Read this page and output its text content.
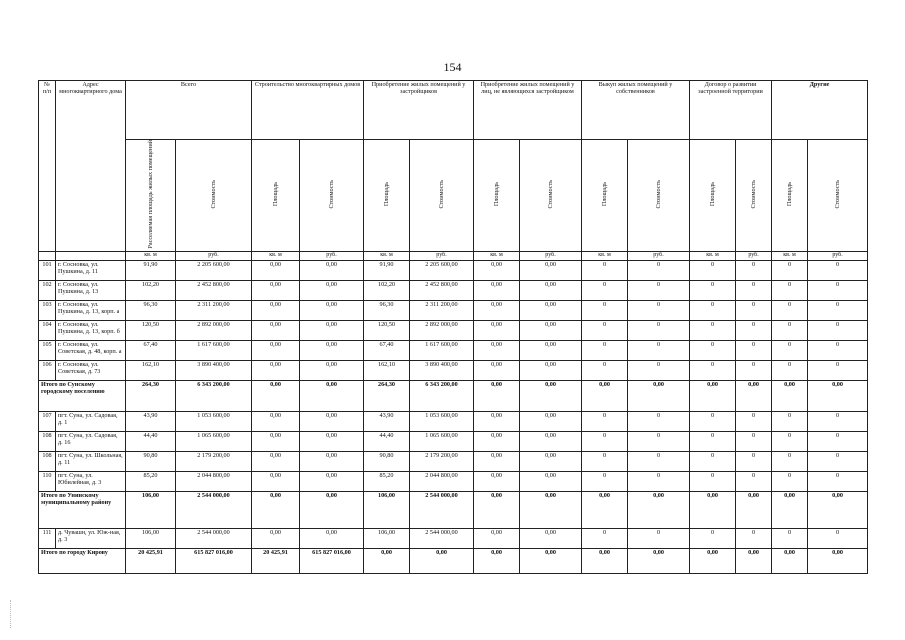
154
№ п/п	Адрес многоквартирного дома	Всего		Строительство многоквартирных домов		Приобретение жилых помещений у застройщиков		Приобретение жилых помещений у лиц, не являющихся застройщиком		Выкуп жилых помещений у собственников		Договор о развитии застроенной территории		Другие	
		Расселяемая площадь жилых помещений	Стоимость	Площадь	Стоимость	Площадь	Стоимость	Площадь	Стоимость	Площадь	Стоимость	Площадь	Стоимость	Площадь	Стоимость
		кв. м	руб.	кв. м	руб.	кв. м	руб.	кв. м	руб.	кв. м	руб.	кв. м	руб.	кв. м	руб.
101	г. Сосновка, ул. Пушкина, д. 11	91,90	2 205 600,00	0,00	0,00	91,90	2 205 600,00	0,00	0,00	0	0	0	0	0	0
102	г. Сосновка, ул. Пушкина, д. 13	102,20	2 452 800,00	0,00	0,00	102,20	2 452 800,00	0,00	0,00	0	0	0	0	0	0
103	г. Сосновка, ул. Пушкина, д. 13, корп. а	96,30	2 311 200,00	0,00	0,00	96,30	2 311 200,00	0,00	0,00	0	0	0	0	0	0
104	г. Сосновка, ул. Пушкина, д. 13, корп. б	120,50	2 892 000,00	0,00	0,00	120,50	2 892 000,00	0,00	0,00	0	0	0	0	0	0
105	г. Сосновка, ул. Советская, д. 48, корп. а	67,40	1 617 600,00	0,00	0,00	67,40	1 617 600,00	0,00	0,00	0	0	0	0	0	0
106	г. Сосновка, ул. Советская, д. 73	162,10	3 890 400,00	0,00	0,00	162,10	3 890 400,00	0,00	0,00	0	0	0	0	0	0
Итого по Сунскому городскому поселению		264,30	6 343 200,00	0,00	0,00	264,30	6 343 200,00	0,00	0,00	0,00	0,00	0,00	0,00	0,00	0,00
107	пгт. Суна, ул. Садовая, д. 1	43,90	1 053 600,00	0,00	0,00	43,90	1 053 600,00	0,00	0,00	0	0	0	0	0	0
108	пгт. Суна, ул. Садовая, д. 16	44,40	1 065 600,00	0,00	0,00	44,40	1 065 600,00	0,00	0,00	0	0	0	0	0	0
108	пгт. Суна, ул. Школьная, д. 11	90,80	2 179 200,00	0,00	0,00	90,80	2 179 200,00	0,00	0,00	0	0	0	0	0	0
110	пгт. Суна, ул. Юбилейная, д. 3	85,20	2 044 800,00	0,00	0,00	85,20	2 044 800,00	0,00	0,00	0	0	0	0	0	0
Итого по Унинскому муниципальному району		106,00	2 544 000,00	0,00	0,00	106,00	2 544 000,00	0,00	0,00	0,00	0,00	0,00	0,00	0,00	0,00
111	д. Чувашн, ул. Юж-ная, д. 3	106,00	2 544 000,00	0,00	0,00	106,00	2 544 000,00	0,00	0,00	0	0	0	0	0	0
Итого по городу Кирову		20 425,91	615 827 016,00	20 425,91	615 827 016,00	0,00	0,00	0,00	0,00	0,00	0,00	0,00	0,00	0,00	0,00
